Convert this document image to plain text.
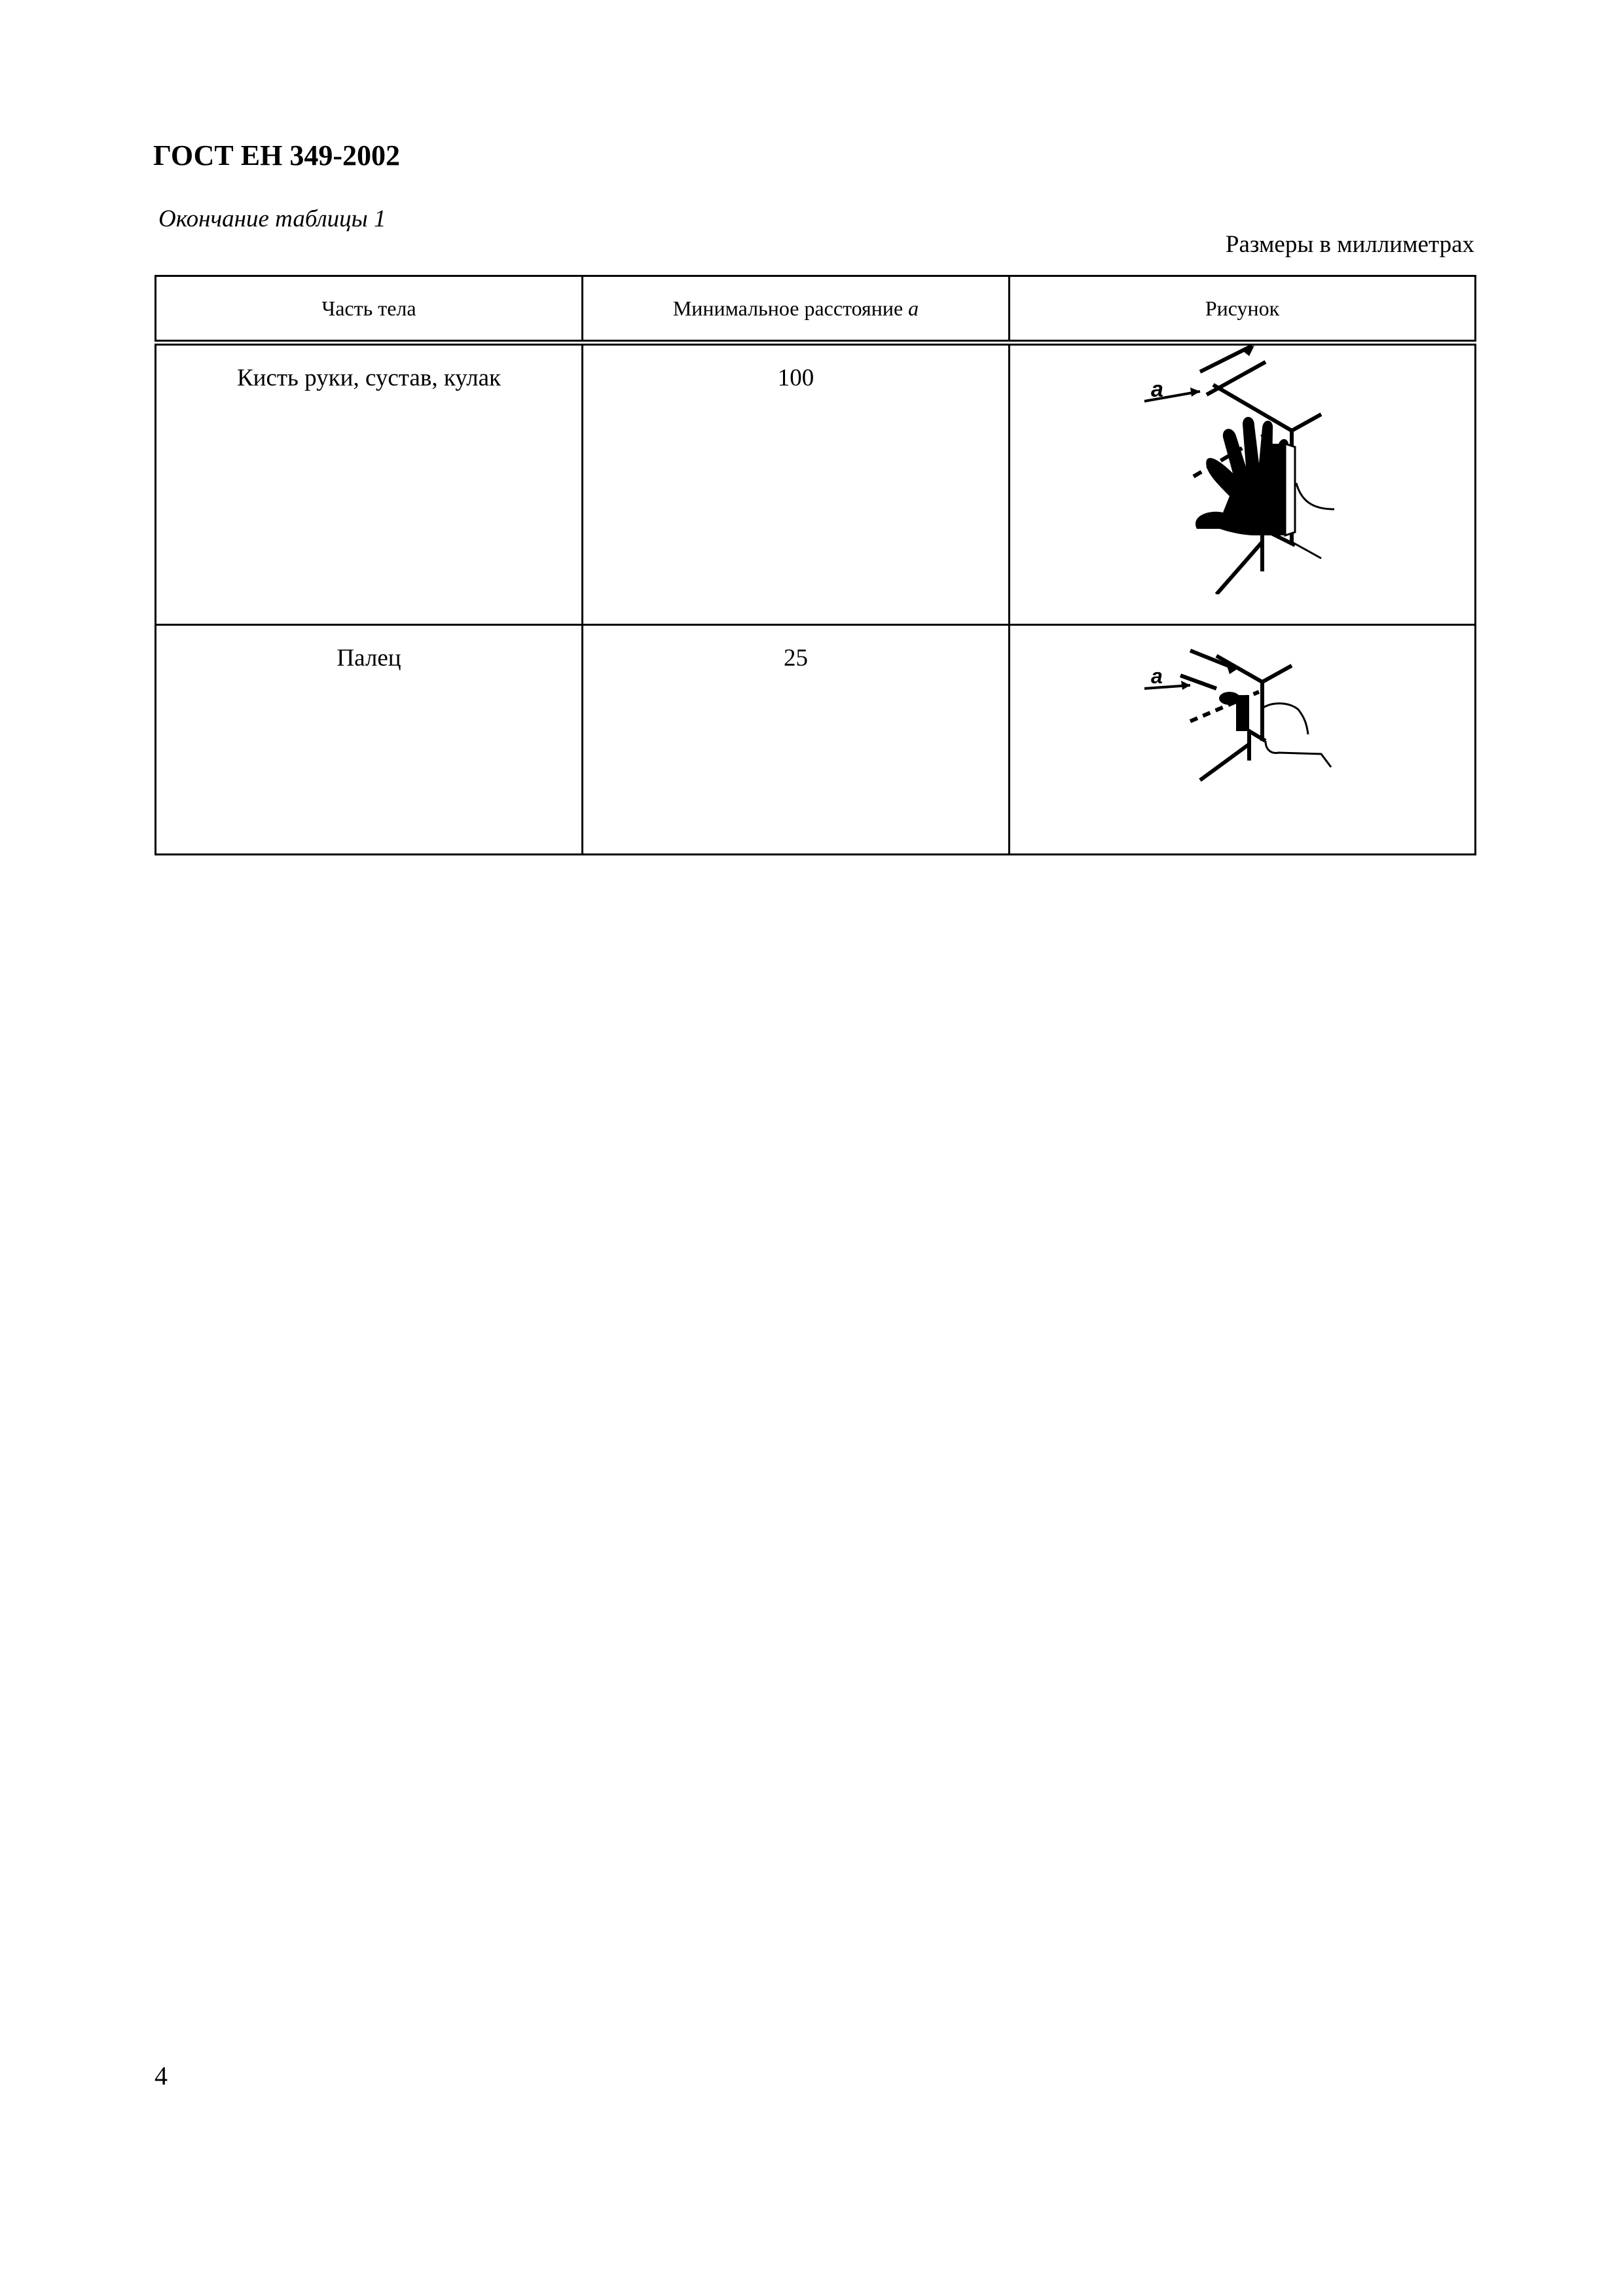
ГОСТ ЕН 349-2002
Окончание таблицы 1
Размеры в миллиметрах
Часть тела	Минимальное расстояние a	Рисунок

Кисть руки, сустав, кулак	100	a

Палец	25	a
4
